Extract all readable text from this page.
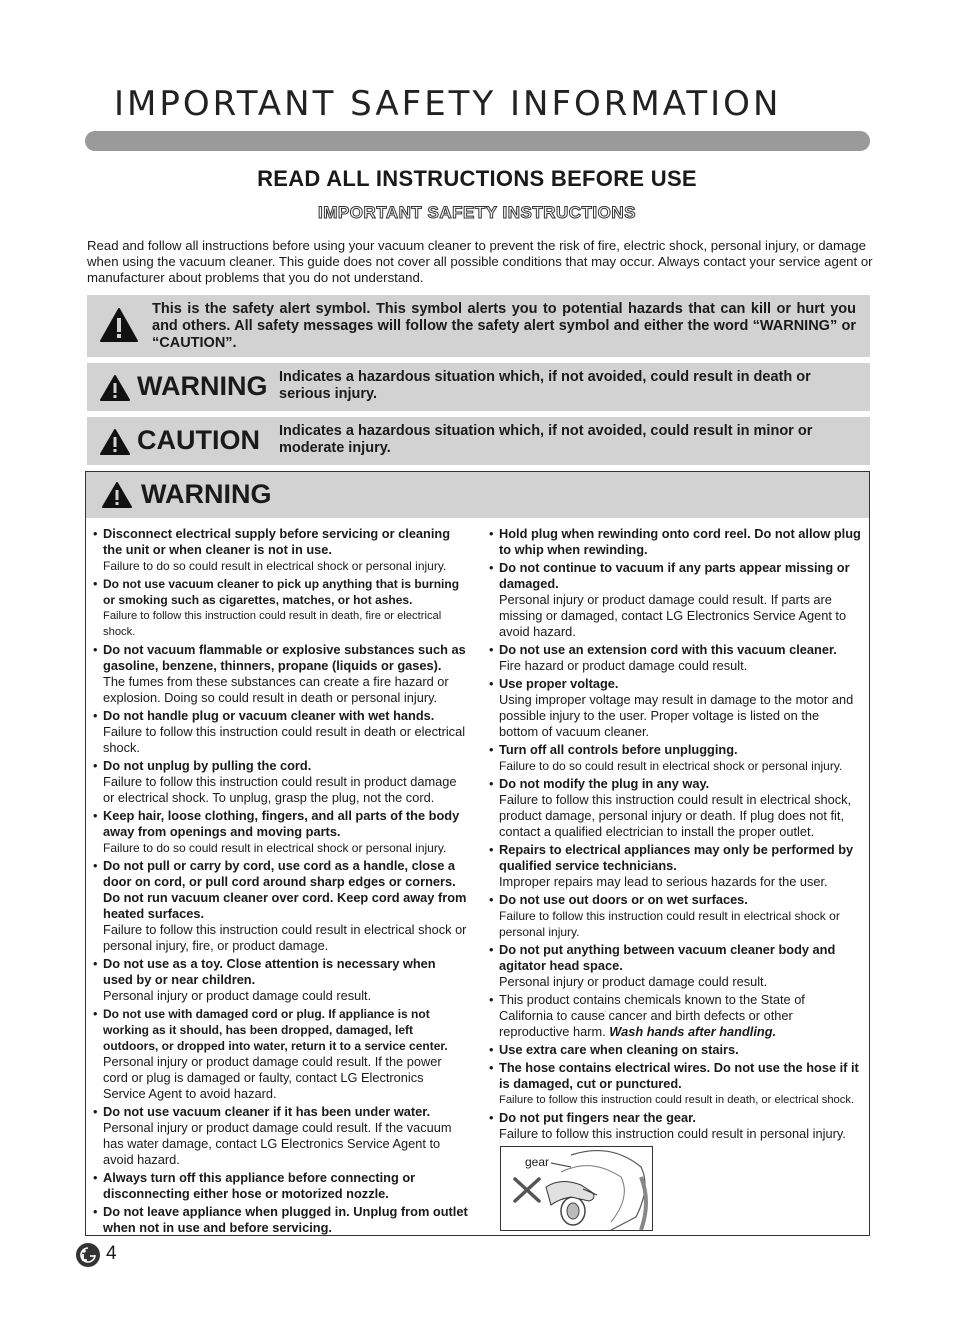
IMPORTANT SAFETY INFORMATION
READ ALL INSTRUCTIONS BEFORE USE
IMPORTANT SAFETY INSTRUCTIONS
Read and follow all instructions before using your vacuum cleaner to prevent the risk of fire, electric shock, personal injury, or damage when using the vacuum cleaner. This guide does not cover all possible conditions that may occur. Always contact your service agent or manufacturer about problems that you do not understand.
This is the safety alert symbol. This symbol alerts you to potential hazards that can kill or hurt you and others. All safety messages will follow the safety alert symbol and either the word “WARNING” or “CAUTION”.
WARNING Indicates a hazardous situation which, if not avoided, could result in death or serious injury.
CAUTION Indicates a hazardous situation which, if not avoided, could result in minor or moderate injury.
WARNING
• Disconnect electrical supply before servicing or cleaning the unit or when cleaner is not in use.
Failure to do so could result in electrical shock or personal injury.
• Do not use vacuum cleaner to pick up anything that is burning or smoking such as cigarettes, matches, or hot ashes.
Failure to follow this instruction could result in death, fire or electrical shock.
• Do not vacuum flammable or explosive substances such as gasoline, benzene, thinners, propane (liquids or gases).
The fumes from these substances can create a fire hazard or explosion. Doing so could result in death or personal injury.
• Do not handle plug or vacuum cleaner with wet hands.
Failure to follow this instruction could result in death or electrical shock.
• Do not unplug by pulling the cord.
Failure to follow this instruction could result in product damage or electrical shock. To unplug, grasp the plug, not the cord.
• Keep hair, loose clothing, fingers, and all parts of the body away from openings and moving parts.
Failure to do so could result in electrical shock or personal injury.
• Do not pull or carry by cord, use cord as a handle, close a door on cord, or pull cord around sharp edges or corners. Do not run vacuum cleaner over cord. Keep cord away from heated surfaces.
Failure to follow this instruction could result in electrical shock or personal injury, fire, or product damage.
• Do not use as a toy. Close attention is necessary when used by or near children.
Personal injury or product damage could result.
• Do not use with damaged cord or plug. If appliance is not working as it should, has been dropped, damaged, left outdoors, or dropped into water, return it to a service center.
Personal injury or product damage could result. If the power cord or plug is damaged or faulty, contact LG Electronics Service Agent to avoid hazard.
• Do not use vacuum cleaner if it has been under water.
Personal injury or product damage could result. If the vacuum has water damage, contact LG Electronics Service Agent to avoid hazard.
• Always turn off this appliance before connecting or disconnecting either hose or motorized nozzle.
• Do not leave appliance when plugged in. Unplug from outlet when not in use and before servicing.
• Hold plug when rewinding onto cord reel. Do not allow plug to whip when rewinding.
• Do not continue to vacuum if any parts appear missing or damaged.
Personal injury or product damage could result. If parts are missing or damaged, contact LG Electronics Service Agent to avoid hazard.
• Do not use an extension cord with this vacuum cleaner.
Fire hazard or product damage could result.
• Use proper voltage.
Using improper voltage may result in damage to the motor and possible injury to the user. Proper voltage is listed on the bottom of vacuum cleaner.
• Turn off all controls before unplugging.
Failure to do so could result in electrical shock or personal injury.
• Do not modify the plug in any way.
Failure to follow this instruction could result in electrical shock, product damage, personal injury or death. If plug does not fit, contact a qualified electrician to install the proper outlet.
• Repairs to electrical appliances may only be performed by qualified service technicians.
Improper repairs may lead to serious hazards for the user.
• Do not use out doors or on wet surfaces.
Failure to follow this instruction could result in electrical shock or personal injury.
• Do not put anything between vacuum cleaner body and agitator head space.
Personal injury or product damage could result.
• This product contains chemicals known to the State of California to cause cancer and birth defects or other reproductive harm. Wash hands after handling.
• Use extra care when cleaning on stairs.
• The hose contains electrical wires. Do not use the hose if it is damaged, cut or punctured.
Failure to follow this instruction could result in death, or electrical shock.
• Do not put fingers near the gear.
Failure to follow this instruction could result in personal injury.
gear
4
